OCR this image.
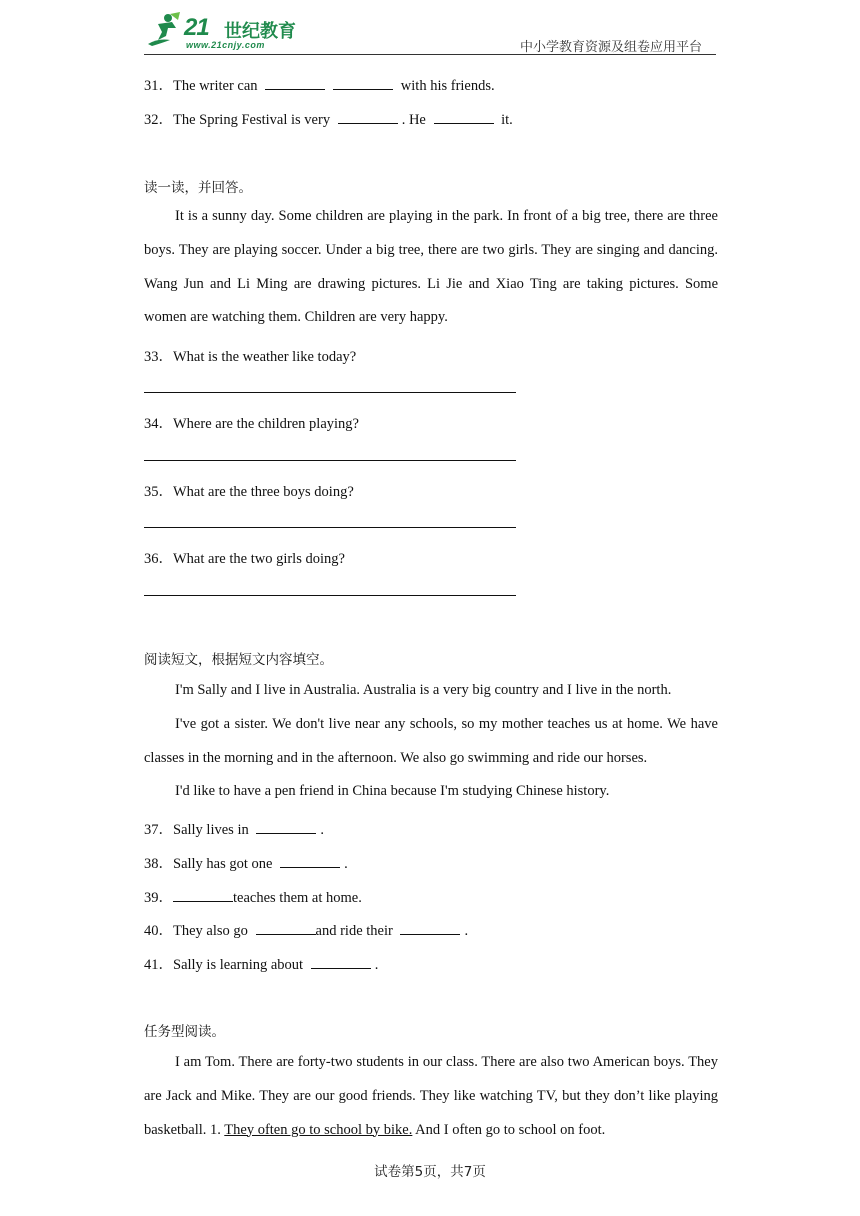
21 世纪教育
www.21cnjy.com	中小学教育资源及组卷应用平台
31．The writer can	with his friends.
32．The Spring Festival is very	. He	it.
读一读，并回答。
It is a sunny day. Some children are playing in the park. In front of a big tree, there are three boys. They are playing soccer. Under a big tree, there are two girls. They are singing and dancing. Wang Jun and Li Ming are drawing pictures. Li Jie and Xiao Ting are taking pictures. Some women are watching them. Children are very happy.
33．What is the weather like today?
34．Where are the children playing?
35．What are the three boys doing?
36．What are the two girls doing?
阅读短文，根据短文内容填空。
I'm Sally and I live in Australia. Australia is a very big country and I live in the north.
I've got a sister. We don't live near any schools, so my mother teaches us at home. We have classes in the morning and in the afternoon. We also go swimming and ride our horses.
I'd like to have a pen friend in China because I'm studying Chinese history.
37．Sally lives in	.
38．Sally has got one	.
39．	teaches them at home.
40．They also go	and ride their	.
41．Sally is learning about	.
任务型阅读。
I am Tom. There are forty-two students in our class. There are also two American boys. They are Jack and Mike. They are our good friends. They like watching TV, but they don’t like playing basketball. 1. They often go to school by bike. And I often go to school on foot.
试卷第5页，共7页
